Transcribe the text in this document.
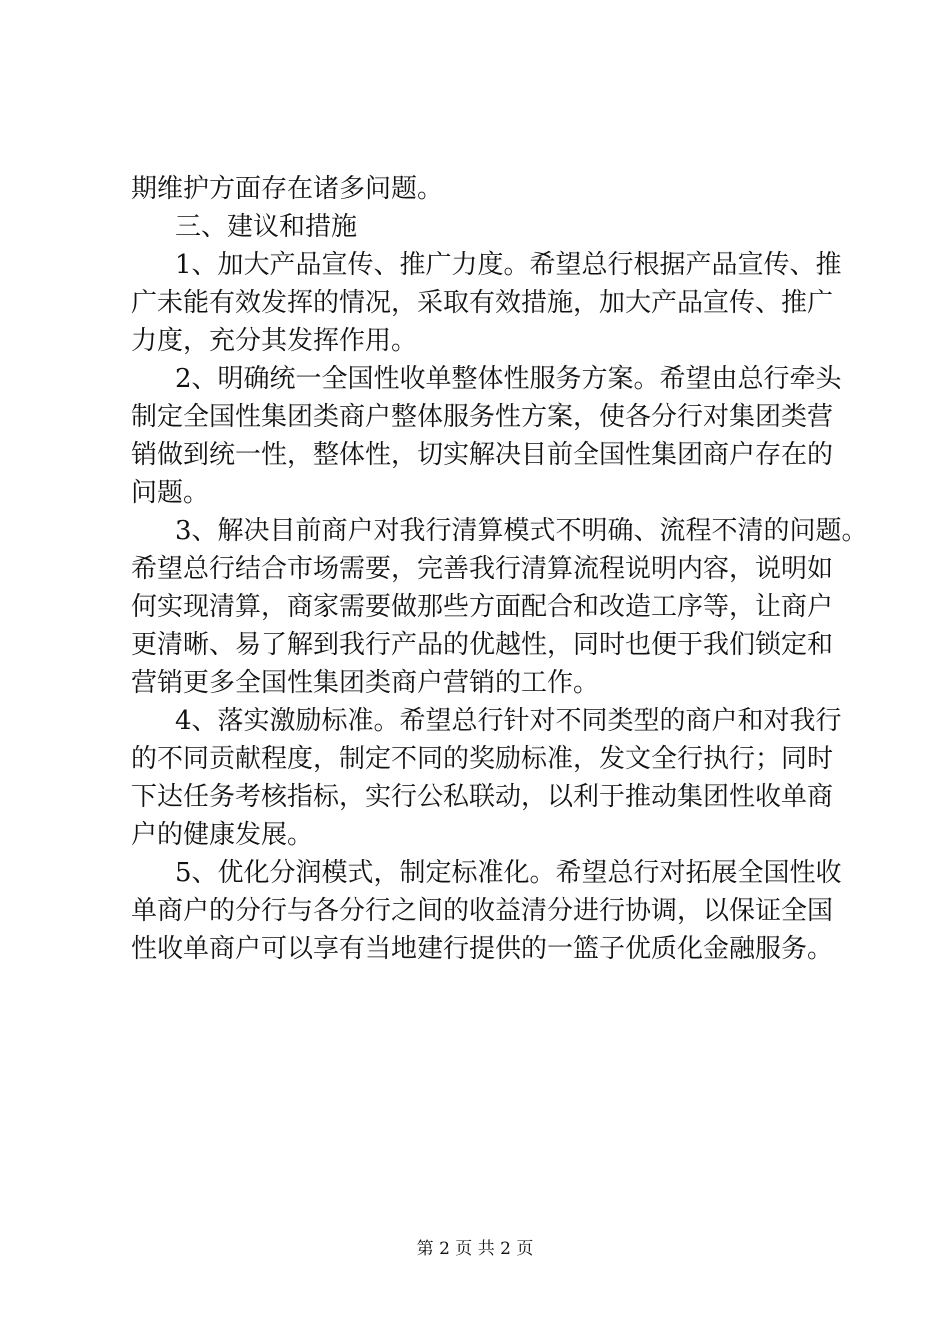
期维护方面存在诸多问题。
三、建议和措施
1、加大产品宣传、推广力度。希望总行根据产品宣传、推
广未能有效发挥的情况，采取有效措施，加大产品宣传、推广
力度，充分其发挥作用。
2、明确统一全国性收单整体性服务方案。希望由总行牵头
制定全国性集团类商户整体服务性方案，使各分行对集团类营
销做到统一性，整体性，切实解决目前全国性集团商户存在的
问题。
3、解决目前商户对我行清算模式不明确、流程不清的问题。
希望总行结合市场需要，完善我行清算流程说明内容，说明如
何实现清算，商家需要做那些方面配合和改造工序等，让商户
更清晰、易了解到我行产品的优越性，同时也便于我们锁定和
营销更多全国性集团类商户营销的工作。
4、落实激励标准。希望总行针对不同类型的商户和对我行
的不同贡献程度，制定不同的奖励标准，发文全行执行；同时
下达任务考核指标，实行公私联动，以利于推动集团性收单商
户的健康发展。
5、优化分润模式，制定标准化。希望总行对拓展全国性收
单商户的分行与各分行之间的收益清分进行协调，以保证全国
性收单商户可以享有当地建行提供的一篮子优质化金融服务。
第 2 页 共 2 页
